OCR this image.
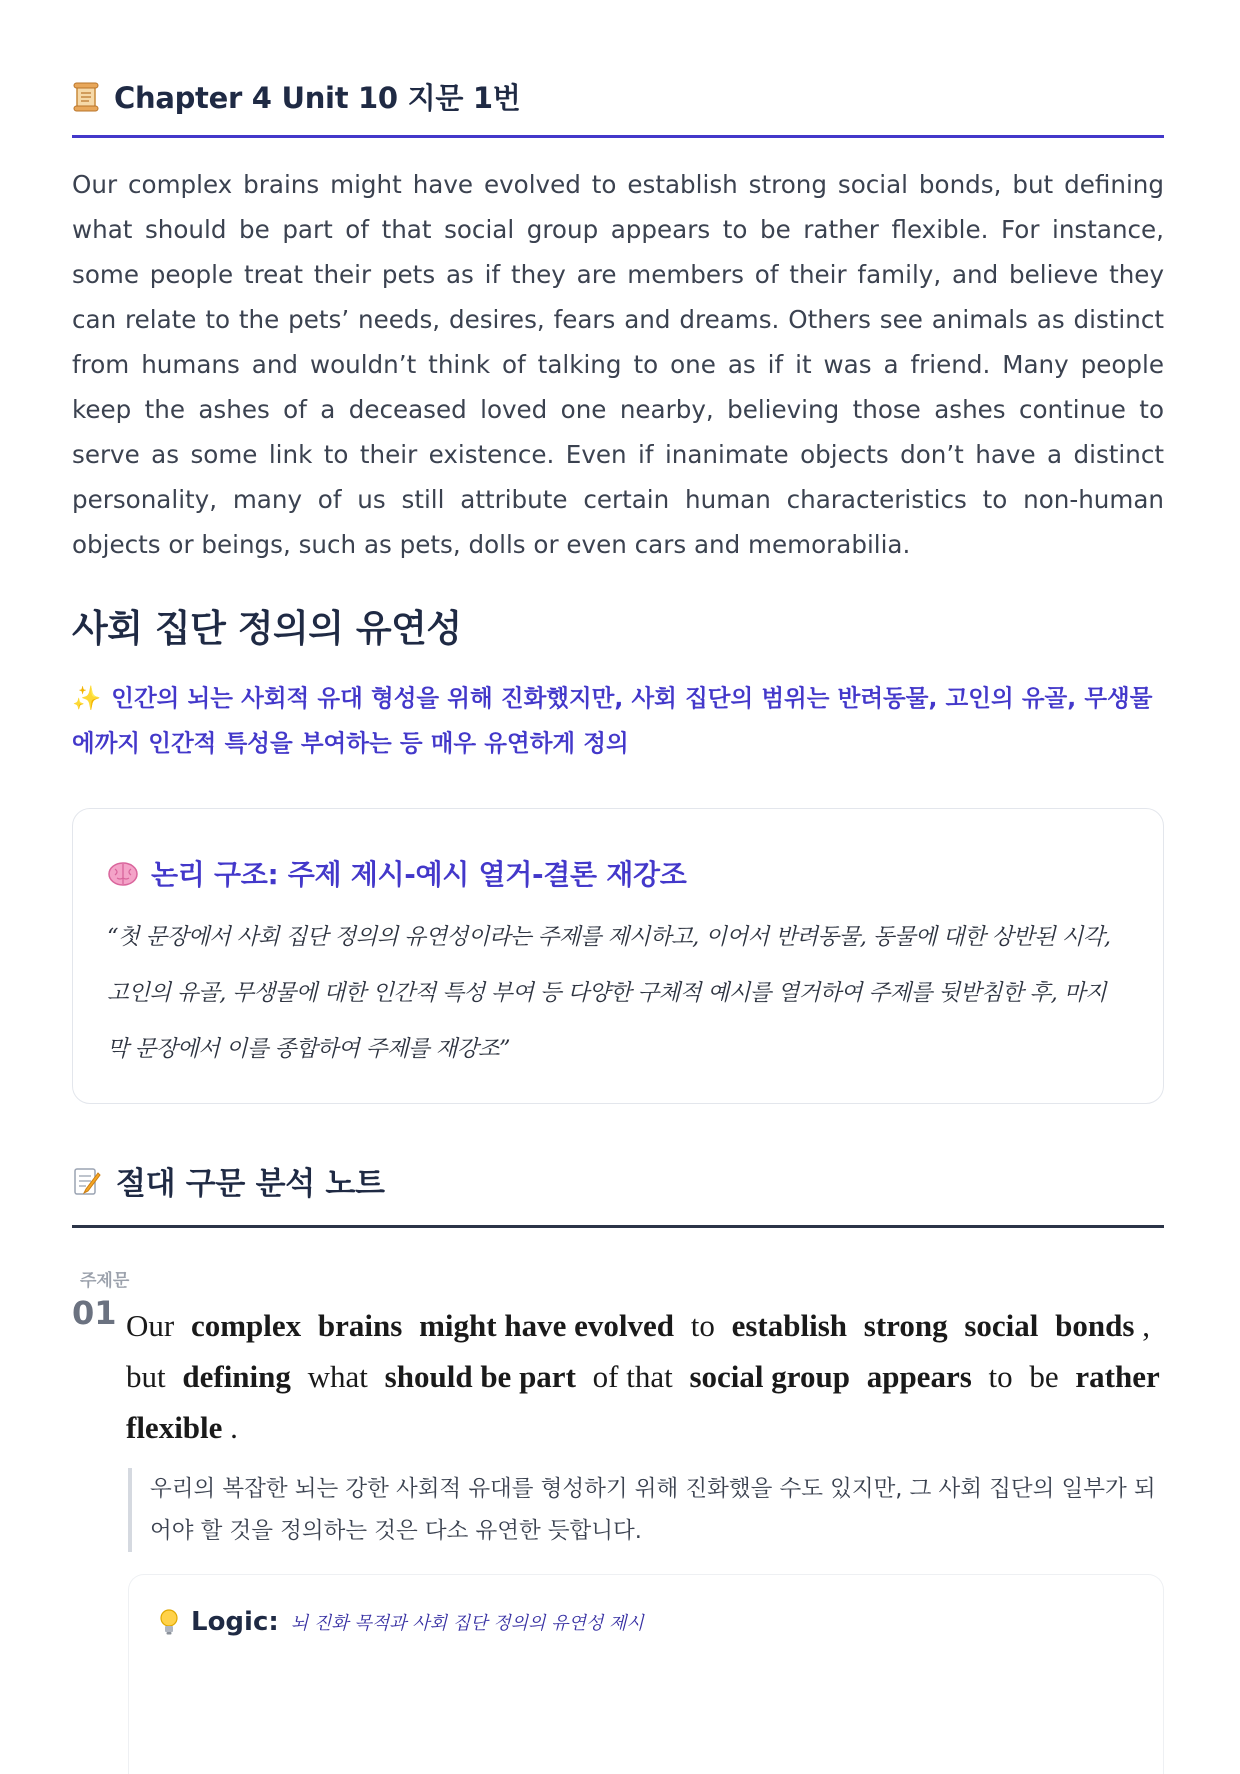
Chapter 4 Unit 10 지문 1번

Our complex brains might have evolved to establish strong social bonds, but defining what should be part of that social group appears to be rather flexible. For instance, some people treat their pets as if they are members of their family, and believe they can relate to the pets’ needs, desires, fears and dreams. Others see animals as distinct from humans and wouldn’t think of talking to one as if it was a friend. Many people keep the ashes of a deceased loved one nearby, believing those ashes continue to serve as some link to their existence. Even if inanimate objects don’t have a distinct personality, many of us still attribute certain human characteristics to non-human objects or beings, such as pets, dolls or even cars and memorabilia.

사회 집단 정의의 유연성
✨ 인간의 뇌는 사회적 유대 형성을 위해 진화했지만, 사회 집단의 범위는 반려동물, 고인의 유골, 무생물에까지 인간적 특성을 부여하는 등 매우 유연하게 정의
논리 구조: 주제 제시-예시 열거-결론 재강조
“첫 문장에서 사회 집단 정의의 유연성이라는 주제를 제시하고, 이어서 반려동물, 동물에 대한 상반된 시각, 고인의 유골, 무생물에 대한 인간적 특성 부여 등 다양한 구체적 예시를 열거하여 주제를 뒷받침한 후, 마지막 문장에서 이를 종합하여 주제를 재강조”
절대 구문 분석 노트
주제문
01 Our complex brains might have evolved to establish strong social bonds , but defining what should be part of that social group appears to be rather flexible .
우리의 복잡한 뇌는 강한 사회적 유대를 형성하기 위해 진화했을 수도 있지만, 그 사회 집단의 일부가 되어야 할 것을 정의하는 것은 다소 유연한 듯합니다.
Logic: 뇌 진화 목적과 사회 집단 정의의 유연성 제시
